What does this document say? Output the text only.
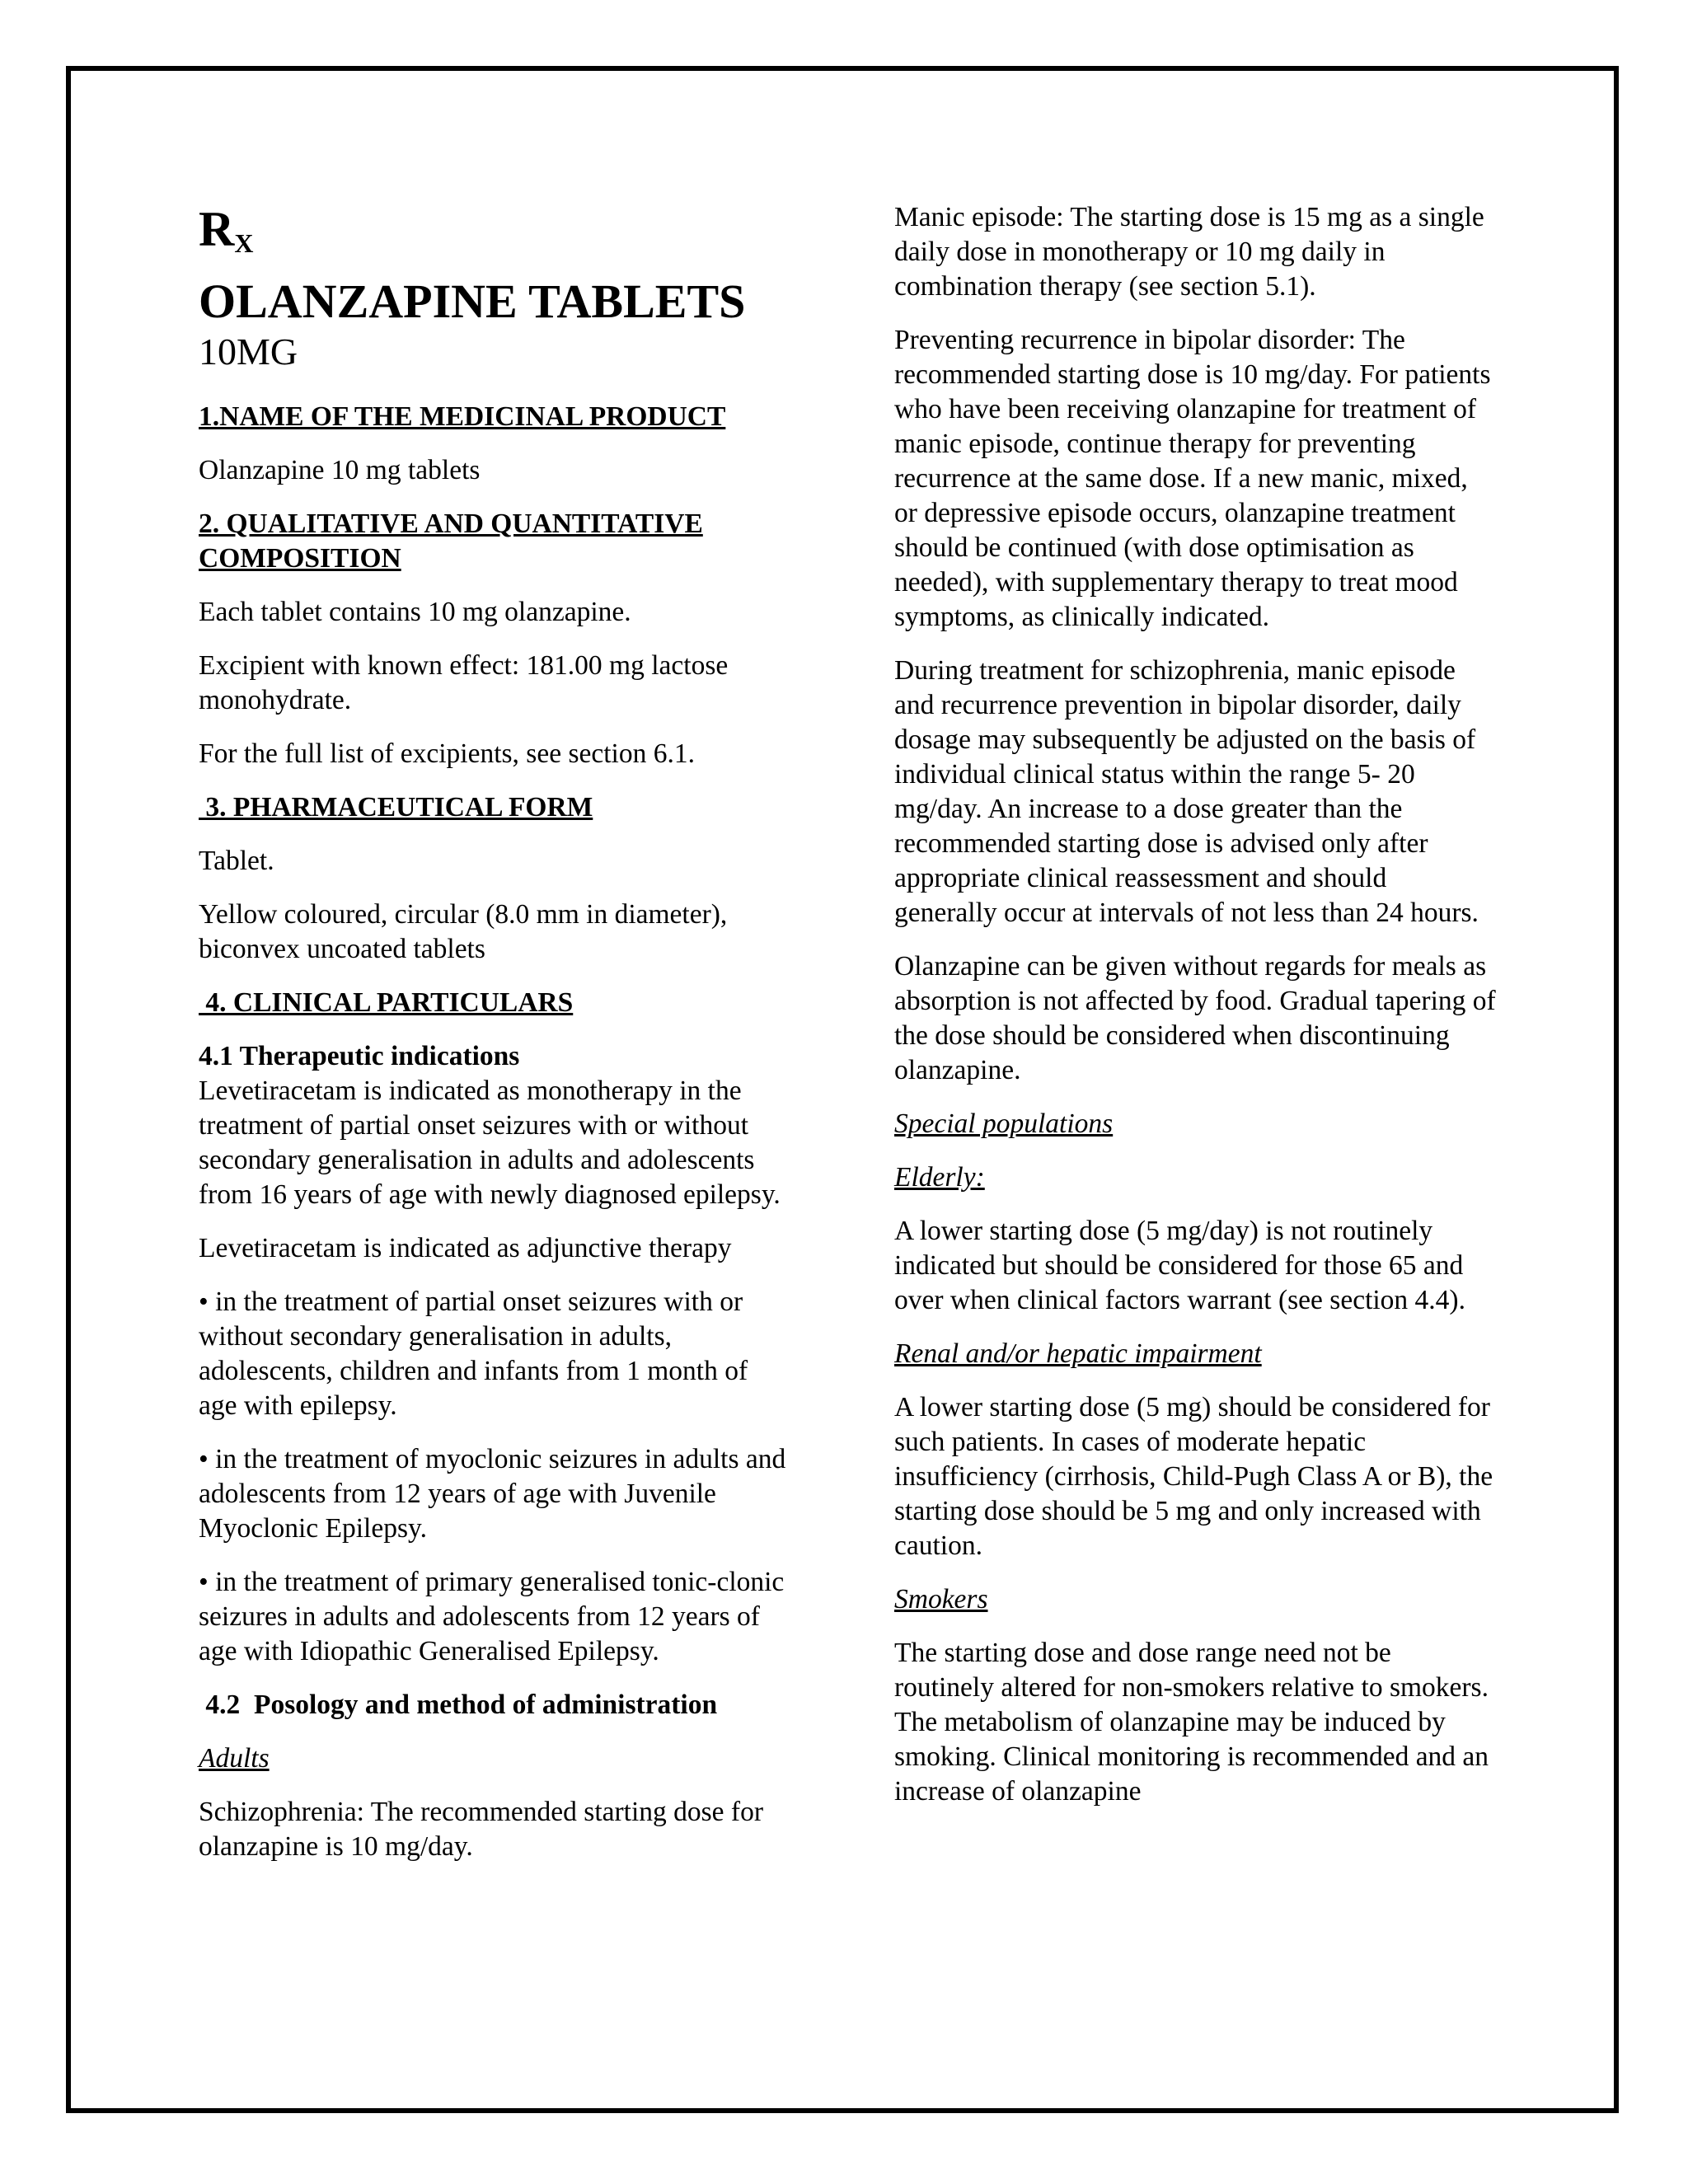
$R_X$
OLANZAPINE TABLETS
10MG

1.NAME OF THE MEDICINAL PRODUCT

Olanzapine 10 mg tablets

2. QUALITATIVE AND QUANTITATIVE COMPOSITION

Each tablet contains 10 mg olanzapine.

Excipient with known effect: 181.00 mg lactose monohydrate.

For the full list of excipients, see section 6.1.

3. PHARMACEUTICAL FORM

Tablet.

Yellow coloured, circular (8.0 mm in diameter), biconvex uncoated tablets

4. CLINICAL PARTICULARS

4.1 Therapeutic indications

Levetiracetam is indicated as monotherapy in the treatment of partial onset seizures with or without secondary generalisation in adults and adolescents from 16 years of age with newly diagnosed epilepsy.

Levetiracetam is indicated as adjunctive therapy

• in the treatment of partial onset seizures with or without secondary generalisation in adults, adolescents, children and infants from 1 month of age with epilepsy.

• in the treatment of myoclonic seizures in adults and adolescents from 12 years of age with Juvenile Myoclonic Epilepsy.

• in the treatment of primary generalised tonic-clonic seizures in adults and adolescents from 12 years of age with Idiopathic Generalised Epilepsy.

4.2  Posology and method of administration

Adults

Schizophrenia: The recommended starting dose for olanzapine is 10 mg/day.

Manic episode: The starting dose is 15 mg as a single daily dose in monotherapy or 10 mg daily in combination therapy (see section 5.1).

Preventing recurrence in bipolar disorder: The recommended starting dose is 10 mg/day. For patients who have been receiving olanzapine for treatment of manic episode, continue therapy for preventing recurrence at the same dose. If a new manic, mixed, or depressive episode occurs, olanzapine treatment should be continued (with dose optimisation as needed), with supplementary therapy to treat mood symptoms, as clinically indicated.

During treatment for schizophrenia, manic episode and recurrence prevention in bipolar disorder, daily dosage may subsequently be adjusted on the basis of individual clinical status within the range 5- 20 mg/day. An increase to a dose greater than the recommended starting dose is advised only after appropriate clinical reassessment and should generally occur at intervals of not less than 24 hours.

Olanzapine can be given without regards for meals as absorption is not affected by food. Gradual tapering of the dose should be considered when discontinuing olanzapine.

Special populations

Elderly:

A lower starting dose (5 mg/day) is not routinely indicated but should be considered for those 65 and over when clinical factors warrant (see section 4.4).

Renal and/or hepatic impairment

A lower starting dose (5 mg) should be considered for such patients. In cases of moderate hepatic insufficiency (cirrhosis, Child-Pugh Class A or B), the starting dose should be 5 mg and only increased with caution.

Smokers

The starting dose and dose range need not be routinely altered for non-smokers relative to smokers. The metabolism of olanzapine may be induced by smoking. Clinical monitoring is recommended and an increase of olanzapine
